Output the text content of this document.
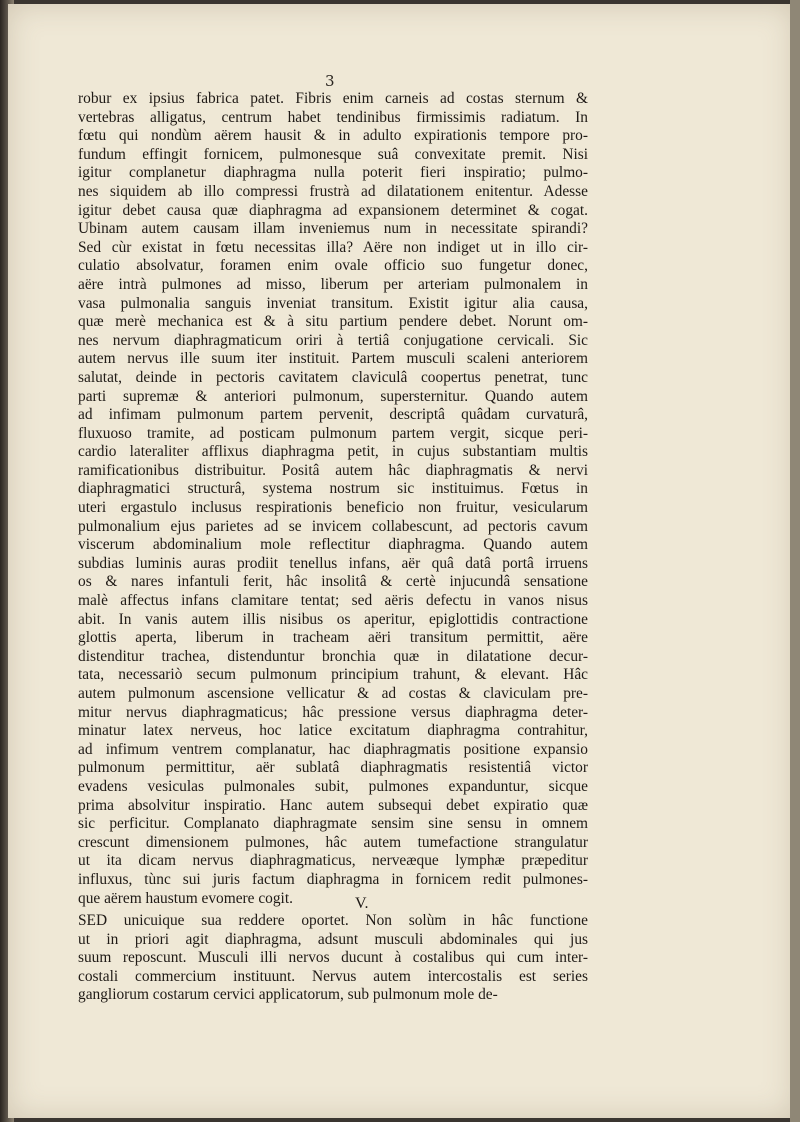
3
robur ex ipsius fabrica patet. Fibris enim carneis ad costas sternum &
vertebras alligatus, centrum habet tendinibus firmissimis radiatum. In
fœtu qui nondùm aërem hausit & in adulto expirationis tempore pro-
fundum effingit fornicem, pulmonesque suâ convexitate premit. Nisi
igitur complanetur diaphragma nulla poterit fieri inspiratio; pulmo-
nes siquidem ab illo compressi frustrà ad dilatationem enitentur. Adesse
igitur debet causa quæ diaphragma ad expansionem determinet & cogat.
Ubinam autem causam illam inveniemus num in necessitate spirandi?
Sed cùr existat in fœtu necessitas illa? Aëre non indiget ut in illo cir-
culatio absolvatur, foramen enim ovale officio suo fungetur donec,
aëre intrà pulmones ad misso, liberum per arteriam pulmonalem in
vasa pulmonalia sanguis inveniat transitum. Existit igitur alia causa,
quæ merè mechanica est & à situ partium pendere debet. Norunt om-
nes nervum diaphragmaticum oriri à tertiâ conjugatione cervicali. Sic
autem nervus ille suum iter instituit. Partem musculi scaleni anteriorem
salutat, deinde in pectoris cavitatem claviculâ coopertus penetrat, tunc
parti supremæ & anteriori pulmonum, supersternitur. Quando autem
ad infimam pulmonum partem pervenit, descriptâ quâdam curvaturâ,
fluxuoso tramite, ad posticam pulmonum partem vergit, sicque peri-
cardio lateraliter afflixus diaphragma petit, in cujus substantiam multis
ramificationibus distribuitur. Positâ autem hâc diaphragmatis & nervi
diaphragmatici structurâ, systema nostrum sic instituimus. Fœtus in
uteri ergastulo inclusus respirationis beneficio non fruitur, vesicularum
pulmonalium ejus parietes ad se invicem collabescunt, ad pectoris cavum
viscerum abdominalium mole reflectitur diaphragma. Quando autem
subdias luminis auras prodiit tenellus infans, aër quâ datâ portâ irruens
os & nares infantuli ferit, hâc insolitâ & certè injucundâ sensatione
malè affectus infans clamitare tentat; sed aëris defectu in vanos nisus
abit. In vanis autem illis nisibus os aperitur, epiglottidis contractione
glottis aperta, liberum in tracheam aëri transitum permittit, aëre
distenditur trachea, distenduntur bronchia quæ in dilatatione decur-
tata, necessariò secum pulmonum principium trahunt, & elevant. Hâc
autem pulmonum ascensione vellicatur & ad costas & claviculam pre-
mitur nervus diaphragmaticus; hâc pressione versus diaphragma deter-
minatur latex nerveus, hoc latice excitatum diaphragma contrahitur,
ad infimum ventrem complanatur, hac diaphragmatis positione expansio
pulmonum permittitur, aër sublatâ diaphragmatis resistentiâ victor
evadens vesiculas pulmonales subit, pulmones expanduntur, sicque
prima absolvitur inspiratio. Hanc autem subsequi debet expiratio quæ
sic perficitur. Complanato diaphragmate sensim sine sensu in omnem
crescunt dimensionem pulmones, hâc autem tumefactione strangulatur
ut ita dicam nervus diaphragmaticus, nerveæque lymphæ præpeditur
influxus, tùnc sui juris factum diaphragma in fornicem redit pulmones-
que aërem haustum evomere cogit.	V.
SED unicuique sua reddere oportet. Non solùm in hâc functione
ut in priori agit diaphragma, adsunt musculi abdominales qui jus
suum reposcunt. Musculi illi nervos ducunt à costalibus qui cum inter-
costali commercium instituunt. Nervus autem intercostalis est series
gangliorum costarum cervici applicatorum, sub pulmonum mole de-
